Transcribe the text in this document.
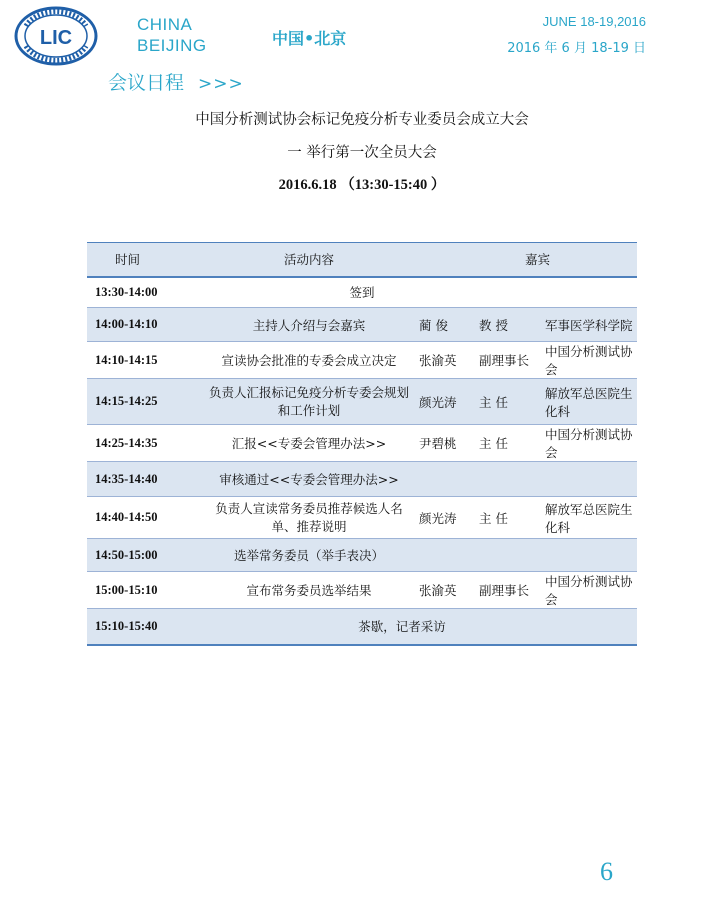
LIC
CHINA
BEIJING	中国•北京
JUNE 18-19,2016
2016 年 6 月 18-19 日
会议日程 >>>
中国分析测试协会标记免疫分析专业委员会成立大会
一 举行第一次全员大会
2016.6.18 （13:30-15:40 ）
时间	活动内容	嘉宾		
13:30-14:00	签到			
14:00-14:10	主持人介绍与会嘉宾	蔺 俊	教 授	军事医学科学院
14:10-14:15	宣读协会批准的专委会成立决定	张渝英	副理事长	中国分析测试协会
14:15-14:25	负责人汇报标记免疫分析专委会规划和工作计划	颜光涛	主 任	解放军总医院生化科
14:25-14:35	汇报<<专委会管理办法>>	尹碧桃	主 任	中国分析测试协会
14:35-14:40	审核通过<<专委会管理办法>>			
14:40-14:50	负责人宣读常务委员推荐候选人名单、推荐说明	颜光涛	主 任	解放军总医院生化科
14:50-15:00	选举常务委员（举手表决）			
15:00-15:10	宣布常务委员选举结果	张渝英	副理事长	中国分析测试协会
15:10-15:40	茶歇，记者采访			
6
